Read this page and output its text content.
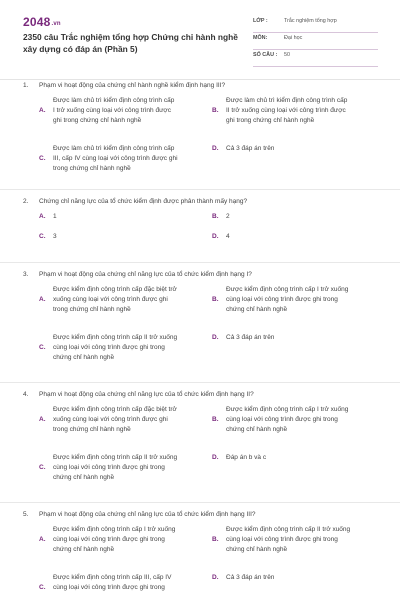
2048.vn
2350 câu Trắc nghiệm tổng hợp Chứng chỉ hành nghề xây dựng có đáp án (Phần 5)
LỚP :	Trắc nghiệm tổng hợp
MÔN:	Đại học
SỐ CÂU : 50
1. Phạm vi hoạt động của chứng chỉ hành nghề kiểm định hạng III?
A.
Được làm chủ trì kiểm định công trình cấp
I trở xuống cùng loại với công trình được
ghi trong chứng chỉ hành nghề
B.
Được làm chủ trì kiểm định công trình cấp
II trở xuống cùng loại với công trình được
ghi trong chứng chỉ hành nghề
C.
Được làm chủ trì kiểm định công trình cấp
III, cấp IV cùng loại với công trình được ghi
trong chứng chỉ hành nghề
D. Cả 3 đáp án trên
2. Chứng chỉ năng lực của tổ chức kiểm định được phân thành mấy hạng?
A. 1	B. 2
C. 3	D. 4
3. Phạm vi hoạt động của chứng chỉ năng lực của tổ chức kiểm định hạng I?
A.
Được kiểm định công trình cấp đặc biệt trở
xuống cùng loại với công trình được ghi
trong chứng chỉ hành nghề
B.
Được kiểm định công trình cấp I trở xuống
cùng loại với công trình được ghi trong
chứng chỉ hành nghề
C.
Được kiểm định công trình cấp II trở xuống
cùng loại với công trình được ghi trong
chứng chỉ hành nghề
D. Cả 3 đáp án trên
4. Phạm vi hoạt động của chứng chỉ năng lực của tổ chức kiểm định hạng II?
A.
Được kiểm định công trình cấp đặc biệt trở
xuống cùng loại với công trình được ghi
trong chứng chỉ hành nghề
B.
Được kiểm định công trình cấp I trở xuống
cùng loại với công trình được ghi trong
chứng chỉ hành nghề
C.
Được kiểm định công trình cấp II trở xuống
cùng loại với công trình được ghi trong
chứng chỉ hành nghề
D. Đáp án b và c
5. Phạm vi hoạt động của chứng chỉ năng lực của tổ chức kiểm định hạng III?
A.
Được kiểm định công trình cấp I trở xuống
cùng loại với công trình được ghi trong
chứng chỉ hành nghề
B.
Được kiểm định công trình cấp II trở xuống
cùng loại với công trình được ghi trong
chứng chỉ hành nghề
C.
Được kiểm định công trình cấp III, cấp IV
cùng loại với công trình được ghi trong
D. Cả 3 đáp án trên
